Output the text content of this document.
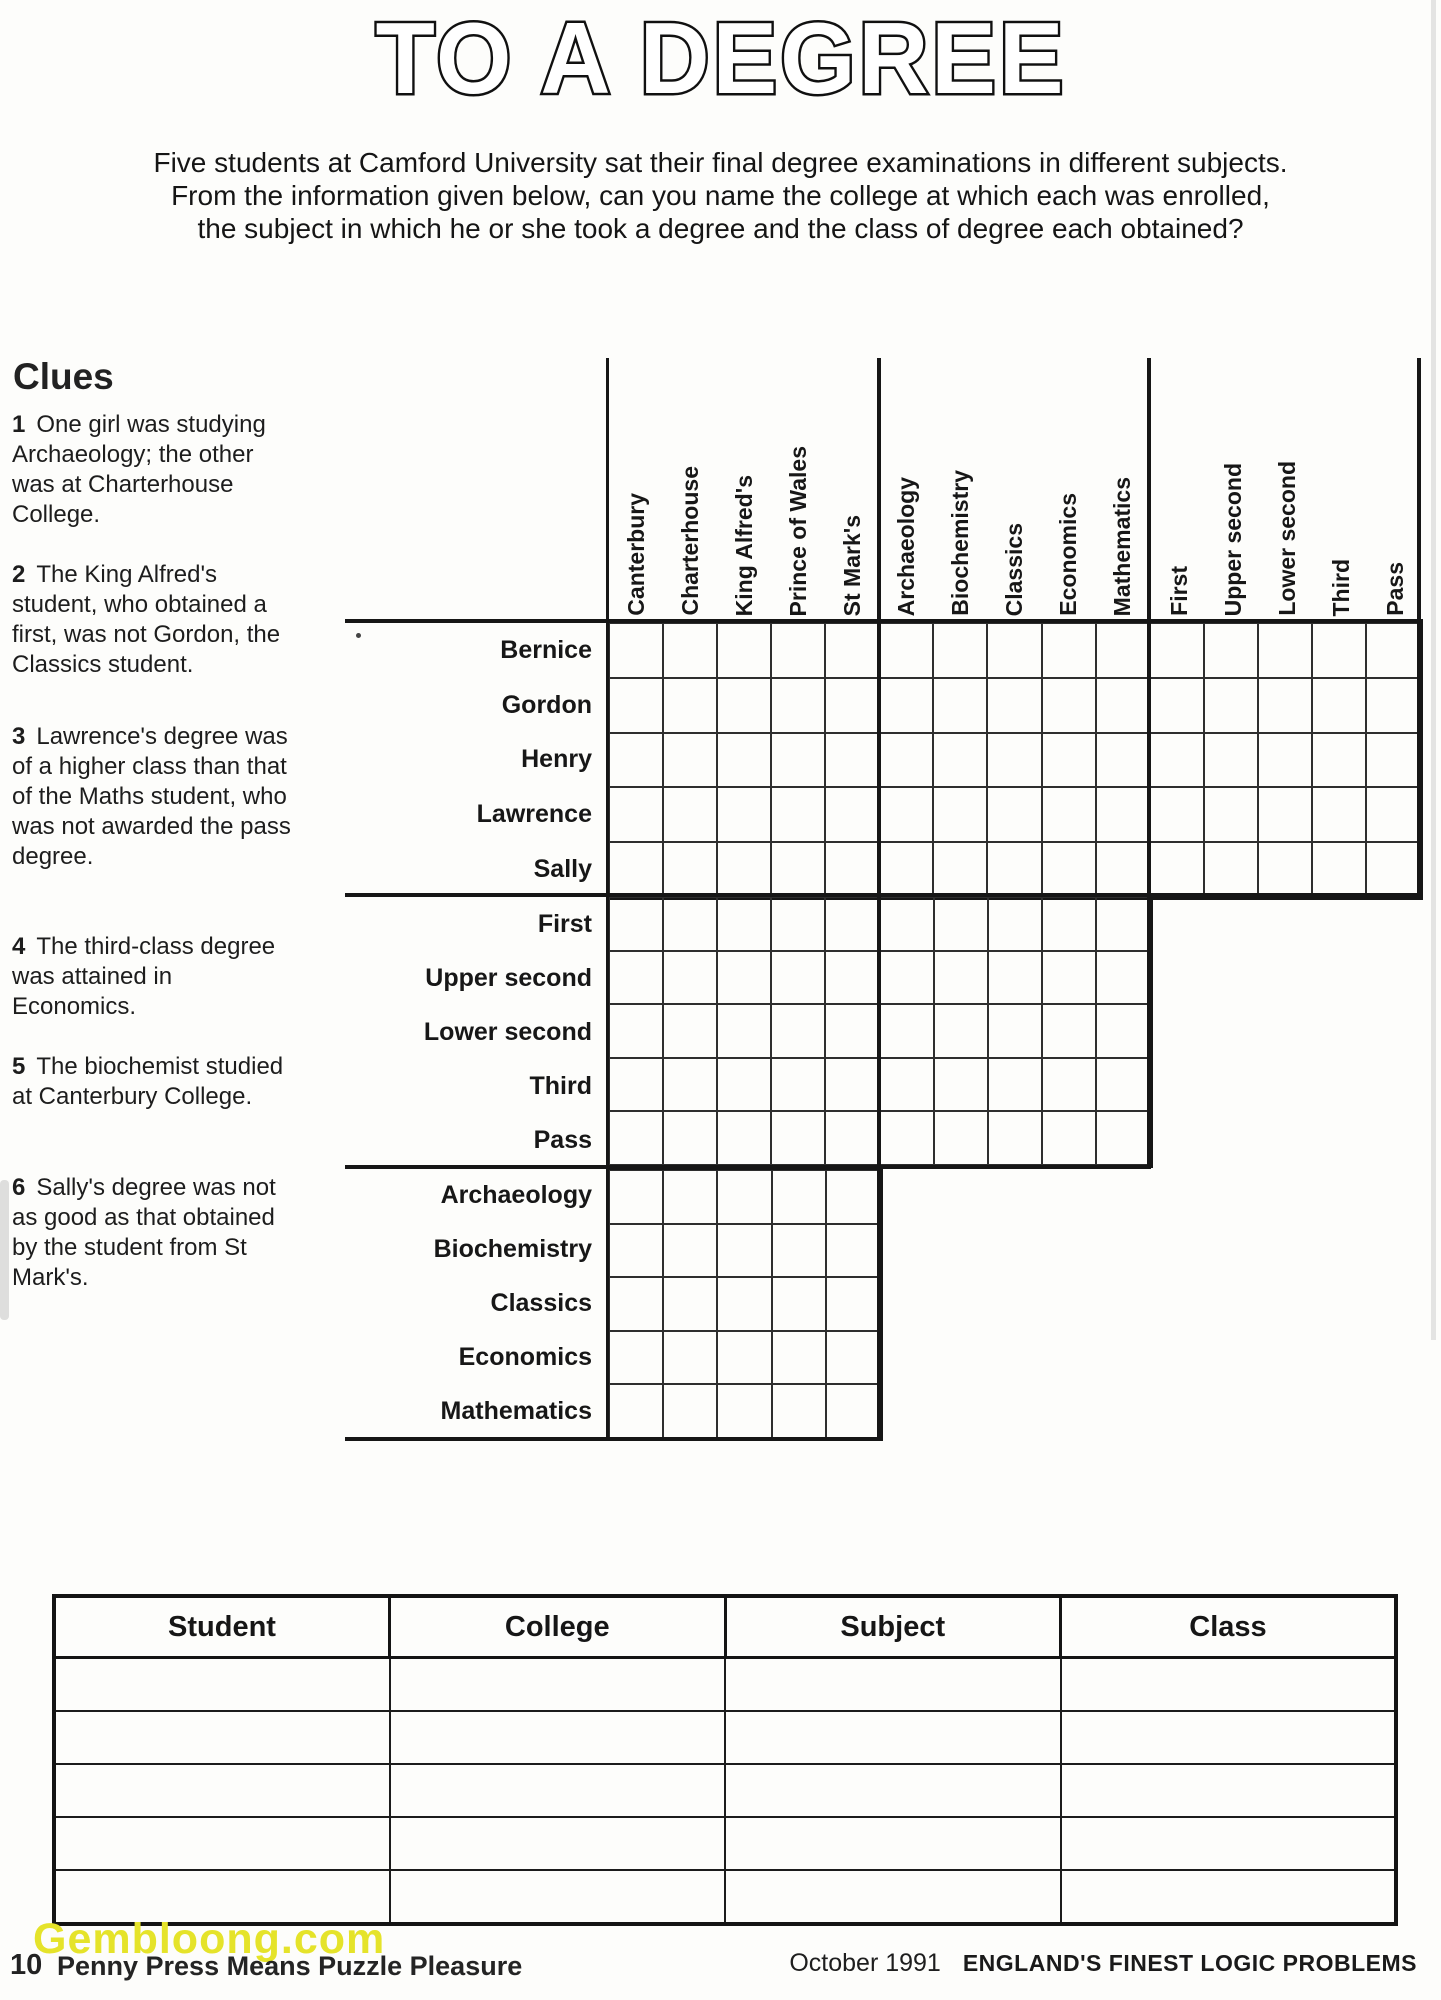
TO A DEGREE
Five students at Camford University sat their final degree examinations in different subjects.
From the information given below, can you name the college at which each was enrolled,
the subject in which he or she took a degree and the class of degree each obtained?
Clues

1 One girl was studying Archaeology; the other was at Charterhouse College.

2 The King Alfred's student, who obtained a first, was not Gordon, the Classics student.

3 Lawrence's degree was of a higher class than that of the Maths student, who was not awarded the pass degree.

4 The third-class degree was attained in Economics.

5 The biochemist studied at Canterbury College.

6 Sally's degree was not as good as that obtained by the student from St Mark's.

Canterbury Charterhouse King Alfred's Prince of Wales St Mark's Archaeology Biochemistry Classics Economics Mathematics First Upper second Lower second Third Pass
Bernice
Gordon
Henry
Lawrence
Sally
First
Upper second
Lower second
Third
Pass
Archaeology
Biochemistry
Classics
Economics
Mathematics
Student	College	Subject	Class

Gembloong.com
10 Penny Press Means Puzzle Pleasure	October 1991 ENGLAND'S FINEST LOGIC PROBLEMS
